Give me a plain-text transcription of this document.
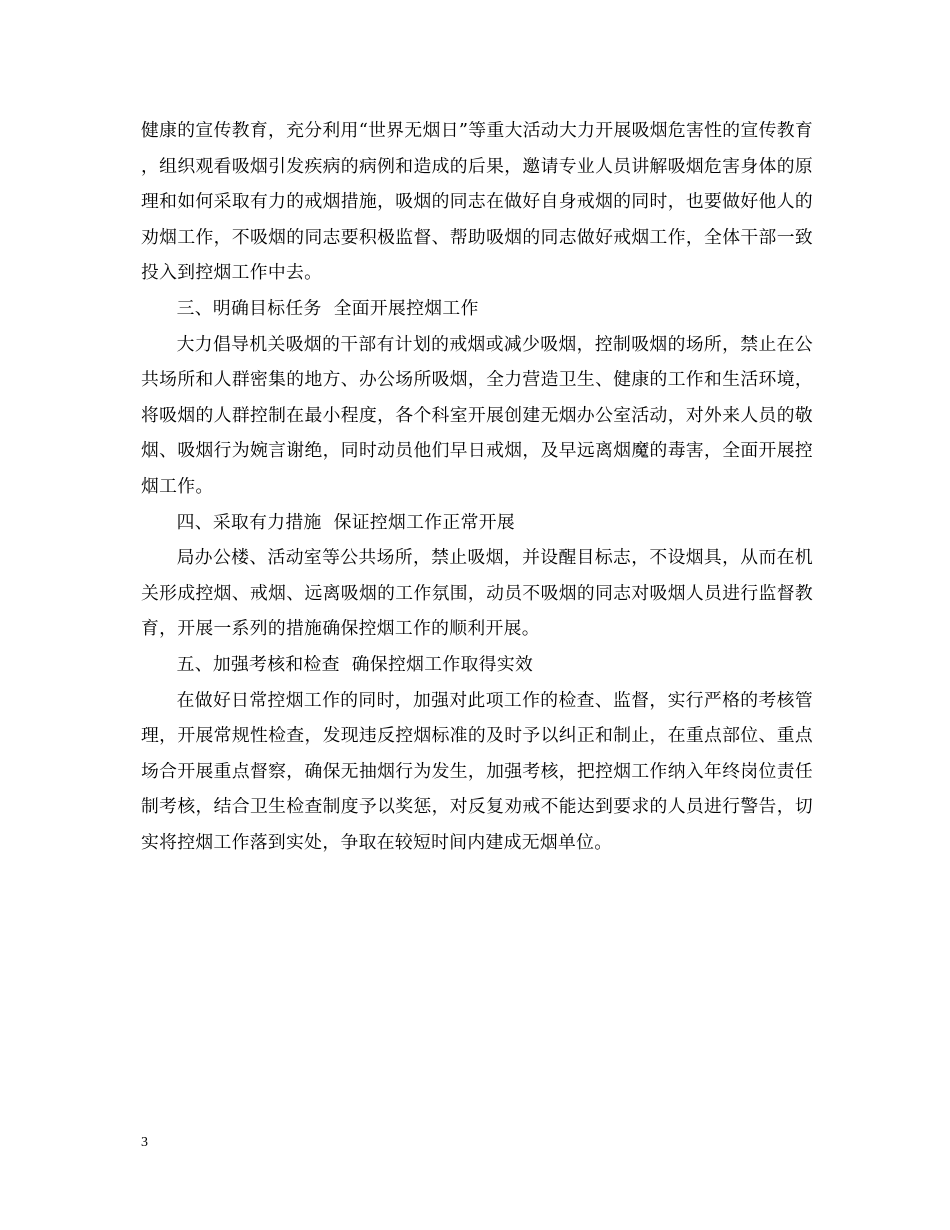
健康的宣传教育，充分利用“世界无烟日”等重大活动大力开展吸烟危害性的宣传教育，组织观看吸烟引发疾病的病例和造成的后果，邀请专业人员讲解吸烟危害身体的原理和如何采取有力的戒烟措施，吸烟的同志在做好自身戒烟的同时，也要做好他人的劝烟工作，不吸烟的同志要积极监督、帮助吸烟的同志做好戒烟工作，全体干部一致投入到控烟工作中去。

三、明确目标任务  全面开展控烟工作

大力倡导机关吸烟的干部有计划的戒烟或减少吸烟，控制吸烟的场所，禁止在公共场所和人群密集的地方、办公场所吸烟，全力营造卫生、健康的工作和生活环境，将吸烟的人群控制在最小程度，各个科室开展创建无烟办公室活动，对外来人员的敬烟、吸烟行为婉言谢绝，同时动员他们早日戒烟，及早远离烟魔的毒害，全面开展控烟工作。

四、采取有力措施  保证控烟工作正常开展

局办公楼、活动室等公共场所，禁止吸烟，并设醒目标志，不设烟具，从而在机关形成控烟、戒烟、远离吸烟的工作氛围，动员不吸烟的同志对吸烟人员进行监督教育，开展一系列的措施确保控烟工作的顺利开展。

五、加强考核和检查  确保控烟工作取得实效

在做好日常控烟工作的同时，加强对此项工作的检查、监督，实行严格的考核管理，开展常规性检查，发现违反控烟标准的及时予以纠正和制止，在重点部位、重点场合开展重点督察，确保无抽烟行为发生，加强考核，把控烟工作纳入年终岗位责任制考核，结合卫生检查制度予以奖惩，对反复劝戒不能达到要求的人员进行警告，切实将控烟工作落到实处，争取在较短时间内建成无烟单位。

3
